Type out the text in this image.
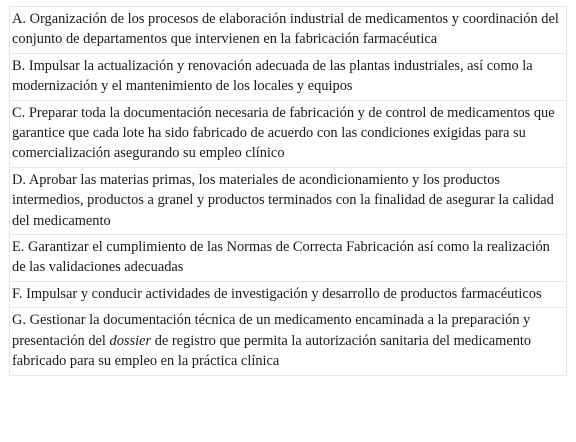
A. Organización de los procesos de elaboración industrial de medicamentos y coordinación del conjunto de departamentos que intervienen en la fabricación farmacéutica
B. Impulsar la actualización y renovación adecuada de las plantas industriales, así como la modernización y el mantenimiento de los locales y equipos
C. Preparar toda la documentación necesaria de fabricación y de control de medicamentos que garantice que cada lote ha sido fabricado de acuerdo con las condiciones exigidas para su comercialización asegurando su empleo clínico
D. Aprobar las materias primas, los materiales de acondicionamiento y los productos intermedios, productos a granel y productos terminados con la finalidad de asegurar la calidad del medicamento
E. Garantizar el cumplimiento de las Normas de Correcta Fabricación así como la realización de las validaciones adecuadas
F. Impulsar y conducir actividades de investigación y desarrollo de productos farmacéuticos
G. Gestionar la documentación técnica de un medicamento encaminada a la preparación y presentación del dossier de registro que permita la autorización sanitaria del medicamento fabricado para su empleo en la práctica clínica
